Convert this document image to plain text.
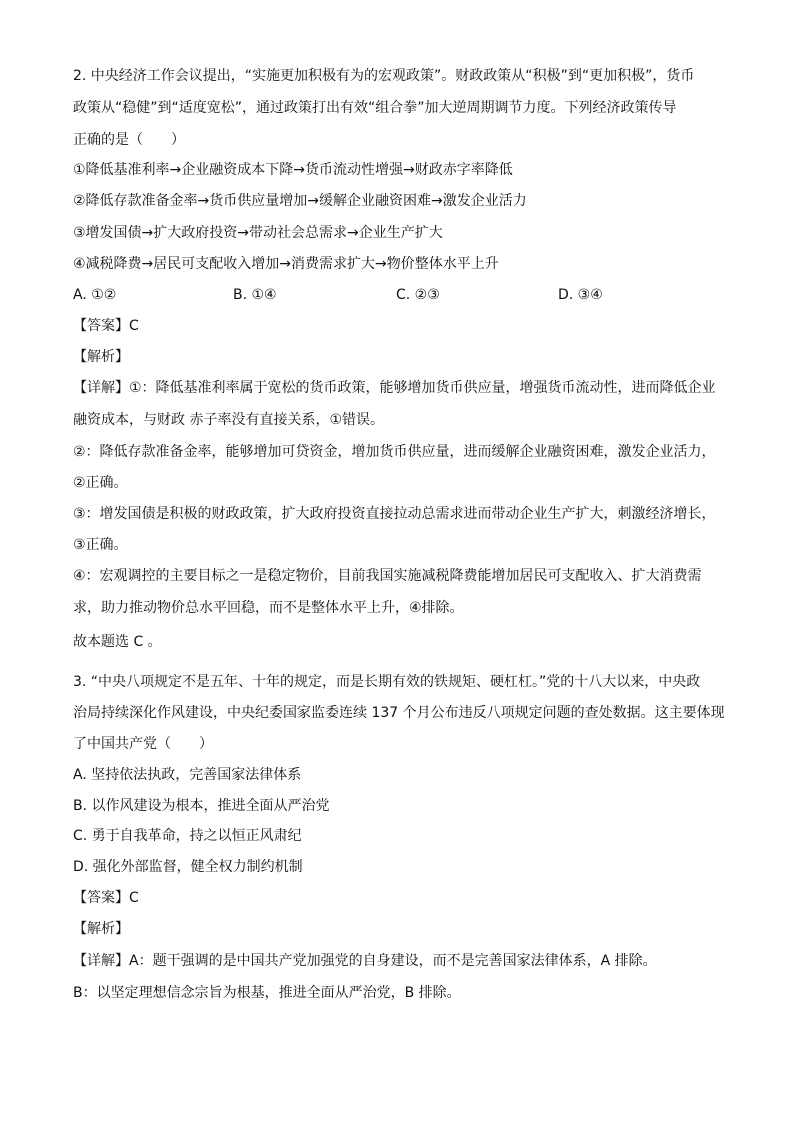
2. 中央经济工作会议提出，“实施更加积极有为的宏观政策”。财政政策从“积极”到“更加积极”，货币
政策从“稳健”到“适度宽松”，通过政策打出有效“组合拳”加大逆周期调节力度。下列经济政策传导
正确的是（　　）
①降低基准利率→企业融资成本下降→货币流动性增强→财政赤字率降低
②降低存款准备金率→货币供应量增加→缓解企业融资困难→激发企业活力
③增发国债→扩大政府投资→带动社会总需求→企业生产扩大
④减税降费→居民可支配收入增加→消费需求扩大→物价整体水平上升
A. ①②	B. ①④	C. ②③	D. ③④
【答案】C
【解析】
【详解】①：降低基准利率属于宽松的货币政策，能够增加货币供应量，增强货币流动性，进而降低企业
融资成本，与财政 赤子率没有直接关系，①错误。
②：降低存款准备金率，能够增加可贷资金，增加货币供应量，进而缓解企业融资困难，激发企业活力，
②正确。
③：增发国债是积极的财政政策，扩大政府投资直接拉动总需求进而带动企业生产扩大，刺激经济增长，
③正确。
④：宏观调控的主要目标之一是稳定物价，目前我国实施减税降费能增加居民可支配收入、扩大消费需
求，助力推动物价总水平回稳，而不是整体水平上升，④排除。
故本题选 C 。
3. “中央八项规定不是五年、十年的规定，而是长期有效的铁规矩、硬杠杠。”党的十八大以来，中央政
治局持续深化作风建设，中央纪委国家监委连续 137 个月公布违反八项规定问题的查处数据。这主要体现
了中国共产党（　　）
A. 坚持依法执政，完善国家法律体系
B. 以作风建设为根本，推进全面从严治党
C. 勇于自我革命，持之以恒正风肃纪
D. 强化外部监督，健全权力制约机制
【答案】C
【解析】
【详解】A：题干强调的是中国共产党加强党的自身建设，而不是完善国家法律体系，A 排除。
B：以坚定理想信念宗旨为根基，推进全面从严治党，B 排除。
